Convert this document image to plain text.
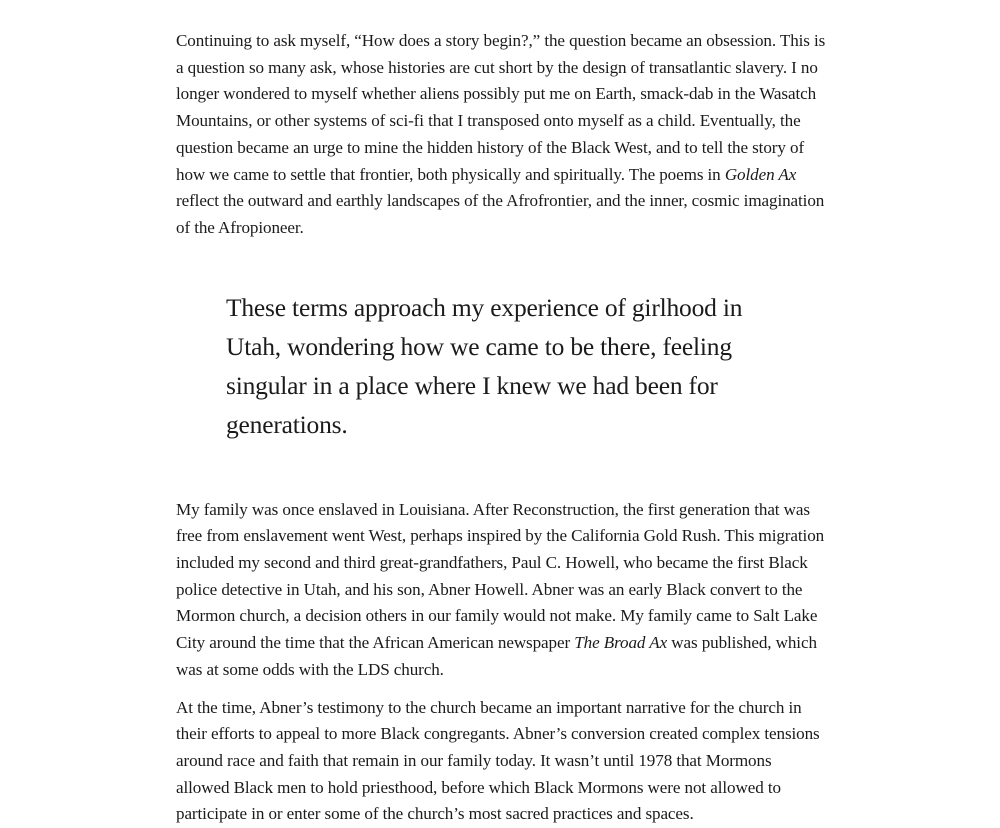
Continuing to ask myself, “How does a story begin?,” the question became an obsession. This is a question so many ask, whose histories are cut short by the design of transatlantic slavery. I no longer wondered to myself whether aliens possibly put me on Earth, smack-dab in the Wasatch Mountains, or other systems of sci-fi that I transposed onto myself as a child. Eventually, the question became an urge to mine the hidden history of the Black West, and to tell the story of how we came to settle that frontier, both physically and spiritually. The poems in Golden Ax reflect the outward and earthly landscapes of the Afrofrontier, and the inner, cosmic imagination of the Afropioneer.

These terms approach my experience of girlhood in Utah, wondering how we came to be there, feeling singular in a place where I knew we had been for generations.

My family was once enslaved in Louisiana. After Reconstruction, the first generation that was free from enslavement went West, perhaps inspired by the California Gold Rush. This migration included my second and third great-grandfathers, Paul C. Howell, who became the first Black police detective in Utah, and his son, Abner Howell. Abner was an early Black convert to the Mormon church, a decision others in our family would not make. My family came to Salt Lake City around the time that the African American newspaper The Broad Ax was published, which was at some odds with the LDS church.

At the time, Abner’s testimony to the church became an important narrative for the church in their efforts to appeal to more Black congregants. Abner’s conversion created complex tensions around race and faith that remain in our family today. It wasn’t until 1978 that Mormons allowed Black men to hold priesthood, before which Black Mormons were not allowed to participate in or enter some of the church’s most sacred practices and spaces.
